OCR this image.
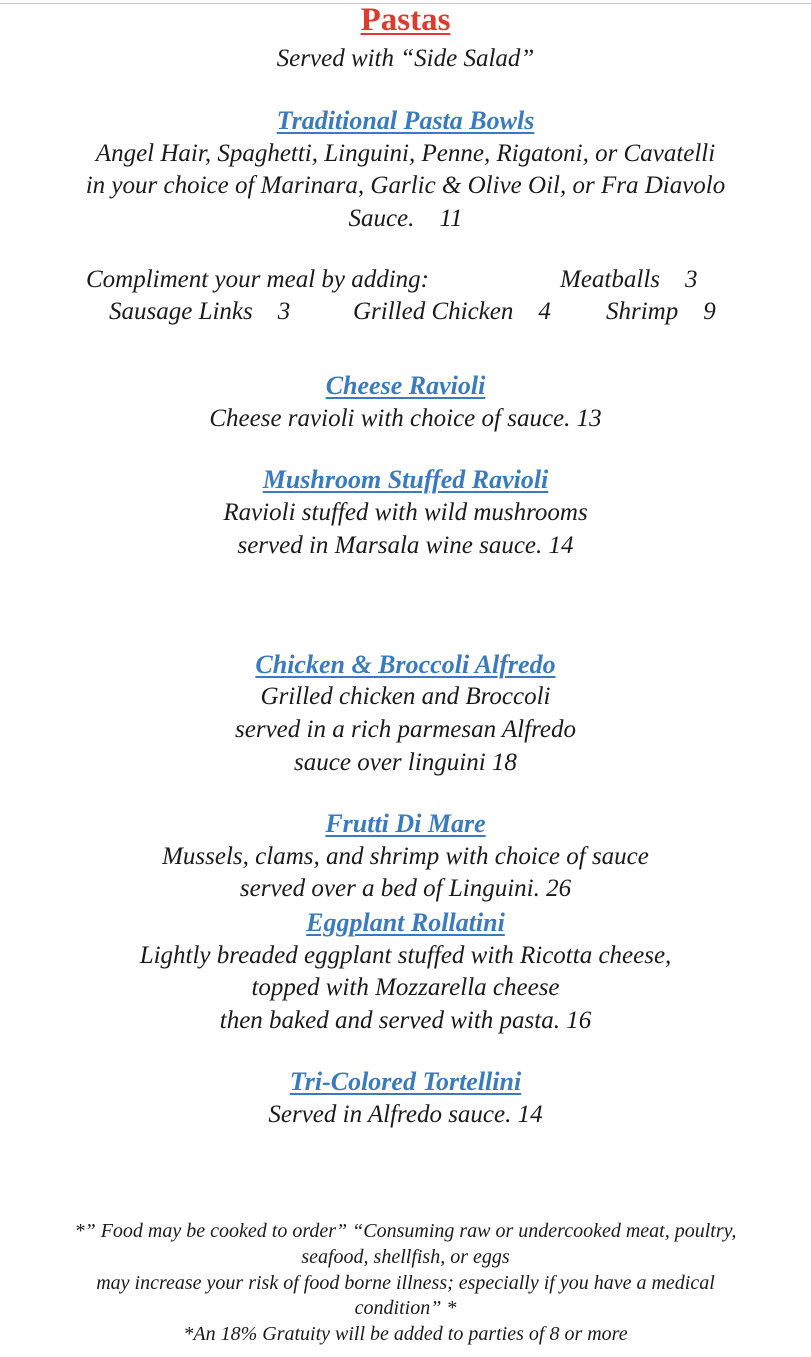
Pastas
Served with “Side Salad”
Traditional Pasta Bowls
Angel Hair, Spaghetti, Linguini, Penne, Rigatoni, or Cavatelli
in your choice of Marinara, Garlic & Olive Oil, or Fra Diavolo
Sauce.    11
Compliment your meal by adding:	Meatballs    3
Sausage Links    3	Grilled Chicken    4 Shrimp    9
Cheese Ravioli
Cheese ravioli with choice of sauce. 13
Mushroom Stuffed Ravioli
Ravioli stuffed with wild mushrooms
served in Marsala wine sauce. 14
Chicken & Broccoli Alfredo
Grilled chicken and Broccoli
served in a rich parmesan Alfredo
sauce over linguini 18
Frutti Di Mare
Mussels, clams, and shrimp with choice of sauce
served over a bed of Linguini. 26
Eggplant Rollatini
Lightly breaded eggplant stuffed with Ricotta cheese,
topped with Mozzarella cheese
then baked and served with pasta. 16
Tri-Colored Tortellini
Served in Alfredo sauce. 14
*” Food may be cooked to order” “Consuming raw or undercooked meat, poultry,
seafood, shellfish, or eggs
may increase your risk of food borne illness; especially if you have a medical
condition” *
*An 18% Gratuity will be added to parties of 8 or more
